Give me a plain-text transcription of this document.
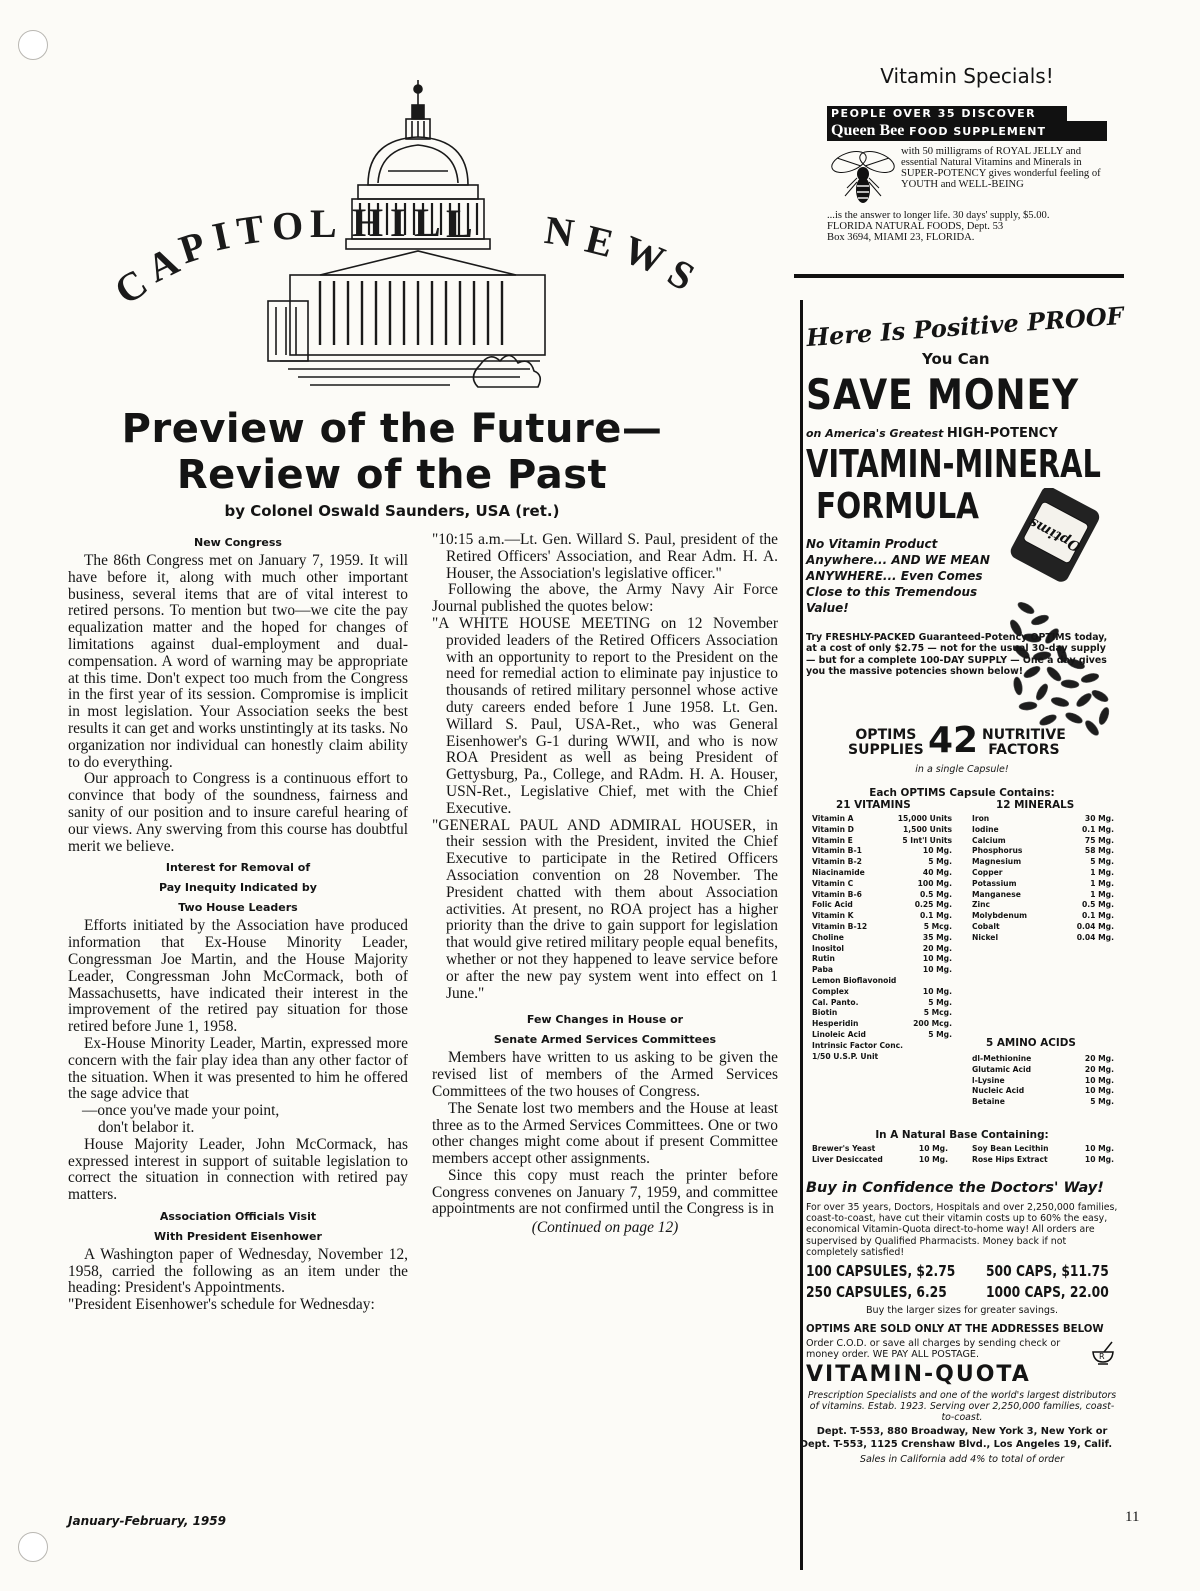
C
A
P
I
T O L H I L L N E
W
S
Preview of the Future—
Review of the Past
by Colonel Oswald Saunders, USA (ret.)

New Congress

The 86th Congress met on January 7, 1959. It will have before it, along with much other important business, several items that are of vital interest to retired persons. To mention but two—we cite the pay equalization matter and the hoped for changes of limitations against dual-employment and dual-compensation. A word of warning may be appropriate at this time. Don't expect too much from the Congress in the first year of its session. Compromise is implicit in most legislation. Your Association seeks the best results it can get and works unstintingly at its tasks. No organization nor individual can honestly claim ability to do everything.

Our approach to Congress is a continuous effort to convince that body of the soundness, fairness and sanity of our position and to insure careful hearing of our views. Any swerving from this course has doubtful merit we believe.

Interest for Removal of
Pay Inequity Indicated by
Two House Leaders

Efforts initiated by the Association have produced information that Ex-House Minority Leader, Congressman Joe Martin, and the House Majority Leader, Congressman John McCormack, both of Massachusetts, have indicated their interest in the improvement of the retired pay situation for those retired before June 1, 1958.

Ex-House Minority Leader, Martin, expressed more concern with the fair play idea than any other factor of the situation. When it was presented to him he offered the sage advice that

—once you've made your point,

don't belabor it.

House Majority Leader, John McCormack, has expressed interest in support of suitable legislation to correct the situation in connection with retired pay matters.

Association Officials Visit
With President Eisenhower

A Washington paper of Wednesday, November 12, 1958, carried the following as an item under the heading: President's Appointments.

"President Eisenhower's schedule for Wednesday:

"10:15 a.m.—Lt. Gen. Willard S. Paul, president of the Retired Officers' Association, and Rear Adm. H. A. Houser, the Association's legislative officer."

Following the above, the Army Navy Air Force Journal published the quotes below:

"A WHITE HOUSE MEETING on 12 November provided leaders of the Retired Officers Association with an opportunity to report to the President on the need for remedial action to eliminate pay injustice to thousands of retired military personnel whose active duty careers ended before 1 June 1958. Lt. Gen. Willard S. Paul, USA-Ret., who was General Eisenhower's G-1 during WWII, and who is now ROA President as well as being President of Gettysburg, Pa., College, and RAdm. H. A. Houser, USN-Ret., Legislative Chief, met with the Chief Executive.

"GENERAL PAUL AND ADMIRAL HOUSER, in their session with the President, invited the Chief Executive to participate in the Retired Officers Association convention on 28 November. The President chatted with them about Association activities. At present, no ROA project has a higher priority than the drive to gain support for legislation that would give retired military people equal benefits, whether or not they happened to leave service before or after the new pay system went into effect on 1 June."

Few Changes in House or
Senate Armed Services Committees

Members have written to us asking to be given the revised list of members of the Armed Services Committees of the two houses of Congress.

The Senate lost two members and the House at least three as to the Armed Services Committees. One or two other changes might come about if present Committee members accept other assignments.

Since this copy must reach the printer before Congress convenes on January 7, 1959, and committee appointments are not confirmed until the Congress is in

(Continued on page 12)

January-February, 1959	11
Vitamin Specials!
PEOPLE OVER 35 DISCOVER
Queen Bee FOOD SUPPLEMENT
with 50 milligrams of ROYAL JELLY and essential Natural Vitamins and Minerals in SUPER-POTENCY gives wonderful feeling of YOUTH and WELL-BEING
...is the answer to longer life. 30 days' supply, $5.00.
FLORIDA NATURAL FOODS, Dept. 53
Box 3694, MIAMI 23, FLORIDA.
Here Is Positive PROOF
You Can
SAVE MONEY
on America's Greatest HIGH-POTENCY
VITAMIN-MINERAL
FORMULA
Optims
No Vitamin Product Anywhere... AND WE MEAN ANYWHERE... Even Comes Close to this Tremendous Value!
Try FRESHLY-PACKED Guaranteed-Potency OPTIMS today, at a cost of only $2.75 — not for the usual 30-day supply — but for a complete 100-DAY SUPPLY — One a day gives you the massive potencies shown below!
OPTIMS
SUPPLIES 42 NUTRITIVE
FACTORS
in a single Capsule!
Each OPTIMS Capsule Contains:
21 VITAMINS	12 MINERALS
Vitamin A	15,000 Units
Vitamin D	1,500 Units
Vitamin E	5 Int'l Units
Vitamin B-1	10 Mg.
Vitamin B-2	5 Mg.
Niacinamide	40 Mg.
Vitamin C	100 Mg.
Vitamin B-6	0.5 Mg.
Folic Acid	0.25 Mg.
Vitamin K	0.1 Mg.
Vitamin B-12	5 Mcg.
Choline	35 Mg.
Inositol	20 Mg.
Rutin	10 Mg.
Paba	10 Mg.
Lemon Bioflavonoid
Complex	10 Mg.
Cal. Panto.	5 Mg.
Biotin	5 Mcg.
Hesperidin	200 Mcg.
Linoleic Acid	5 Mg.
Intrinsic Factor Conc.
1/50 U.S.P. Unit
Iron	30 Mg.
Iodine	0.1 Mg.
Calcium	75 Mg.
Phosphorus	58 Mg.
Magnesium	5 Mg.
Copper	1 Mg.
Potassium	1 Mg.
Manganese	1 Mg.
Zinc	0.5 Mg.
Molybdenum	0.1 Mg.
Cobalt	0.04 Mg.
Nickel	0.04 Mg.
5 AMINO ACIDS
dl-Methionine	20 Mg.
Glutamic Acid	20 Mg.
l-Lysine	10 Mg.
Nucleic Acid	10 Mg.
Betaine	5 Mg.
In A Natural Base Containing:
Brewer's Yeast	10 Mg.
Liver Desiccated	10 Mg.
Soy Bean Lecithin	10 Mg.
Rose Hips Extract	10 Mg.
Buy in Confidence the Doctors' Way!
For over 35 years, Doctors, Hospitals and over 2,250,000 families, coast-to-coast, have cut their vitamin costs up to 60% the easy, economical Vitamin-Quota direct-to-home way! All orders are supervised by Qualified Pharmacists. Money back if not completely satisfied!
100 CAPSULES, $2.75 500 CAPS, $11.75
250 CAPSULES, 6.25	1000 CAPS, 22.00
Buy the larger sizes for greater savings.
OPTIMS ARE SOLD ONLY AT THE ADDRESSES BELOW
Order C.O.D. or save all charges by sending check or money order. WE PAY ALL POSTAGE.	R
VITAMIN-QUOTA
Prescription Specialists and one of the world's largest distributors of vitamins. Estab. 1923. Serving over 2,250,000 families, coast-to-coast.
Dept. T-553, 880 Broadway, New York 3, New York or
Dept. T-553, 1125 Crenshaw Blvd., Los Angeles 19, Calif.
Sales in California add 4% to total of order
